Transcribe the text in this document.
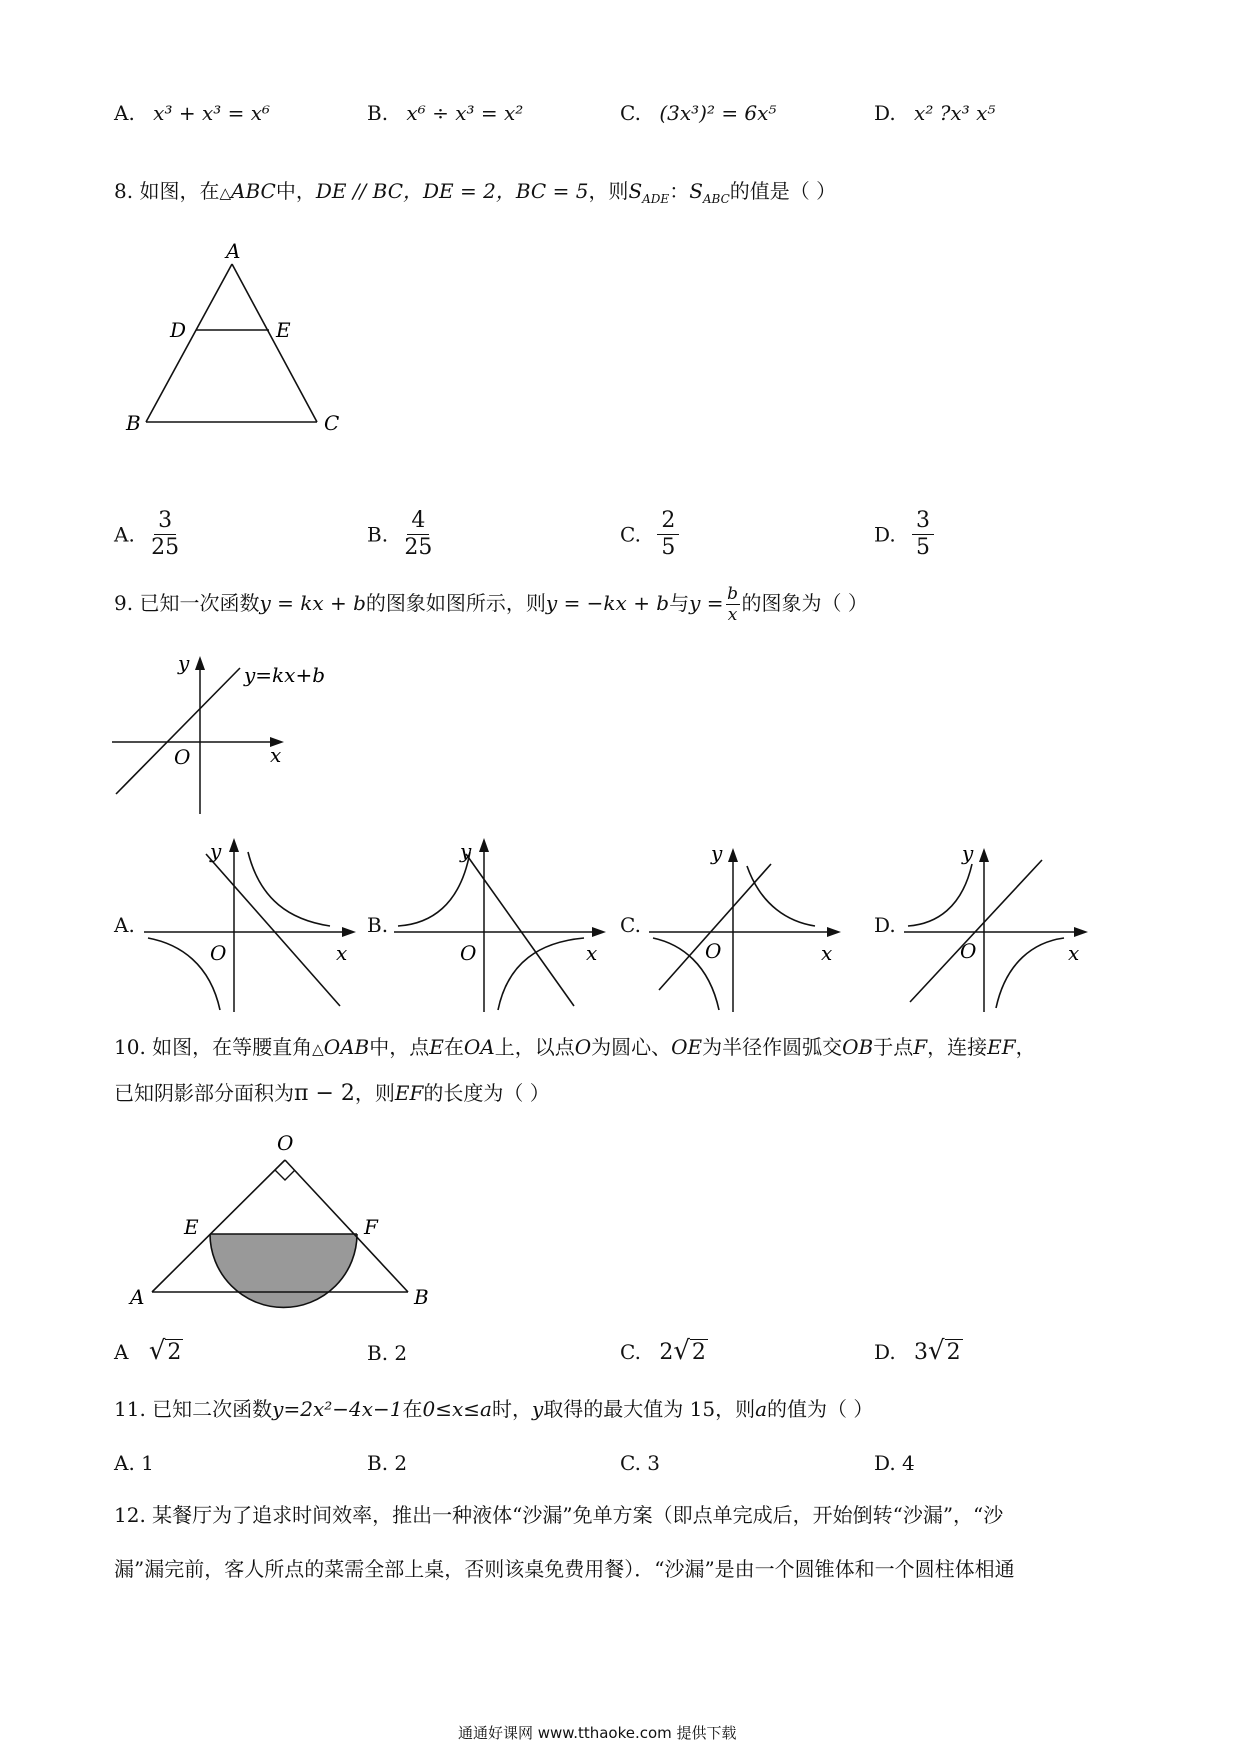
A. x³ + x³ = x⁶	B. x⁶ ÷ x³ = x²	C. (3x³)² = 6x⁵	D. x² ?x³ x⁵
8. 如图，在△ABC中，DE // BC，DE = 2，BC = 5，则$S_{ADE}$：$S_{ABC}$的值是（ ）
A
D	E
B	C
A. $\frac{3}{25}$	B. $\frac{4}{25}$	C. $\frac{2}{5}$	D. $\frac{3}{5}$
9. 已知一次函数y = kx + b的图象如图所示，则y = −kx + b与$y = \frac{b}{x}$ 的图象为（ ）
y
x
O
y=kx+b
A.
y
x
O
B.
y
x
O
C.
y
x
O
D.
y
x
O
10. 如图，在等腰直角△OAB中，点E在OA上，以点O为圆心、OE为半径作圆弧交OB于点F，连接EF，
已知阴影部分面积为π − 2，则EF的长度为（ ）
O
E	F
A	B
A √2	B. 2	C. 2√2	D. 3√2
11. 已知二次函数y=2x²−4x−1在0≤x≤a时，y取得的最大值为 15，则a的值为（ ）
A. 1	B. 2	C. 3	D. 4
12. 某餐厅为了追求时间效率，推出一种液体“沙漏”免单方案（即点单完成后，开始倒转“沙漏”，“沙
漏”漏完前，客人所点的菜需全部上桌，否则该桌免费用餐）．“沙漏”是由一个圆锥体和一个圆柱体相通
通通好课网 www.tthaoke.com 提供下载
